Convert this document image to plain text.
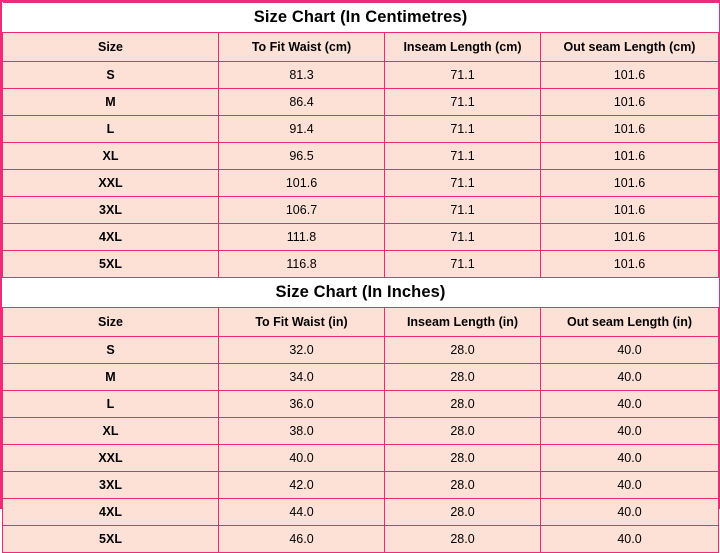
Size Chart (In Centimetres)			
Size	To Fit Waist (cm)	Inseam Length (cm)	Out seam Length (cm)
S	81.3	71.1	101.6
M	86.4	71.1	101.6
L	91.4	71.1	101.6
XL	96.5	71.1	101.6
XXL	101.6	71.1	101.6
3XL	106.7	71.1	101.6
4XL	111.8	71.1	101.6
5XL	116.8	71.1	101.6
Size Chart (In Inches)			
Size	To Fit Waist (in)	Inseam Length (in)	Out seam Length (in)
S	32.0	28.0	40.0
M	34.0	28.0	40.0
L	36.0	28.0	40.0
XL	38.0	28.0	40.0
XXL	40.0	28.0	40.0
3XL	42.0	28.0	40.0
4XL	44.0	28.0	40.0
5XL	46.0	28.0	40.0
